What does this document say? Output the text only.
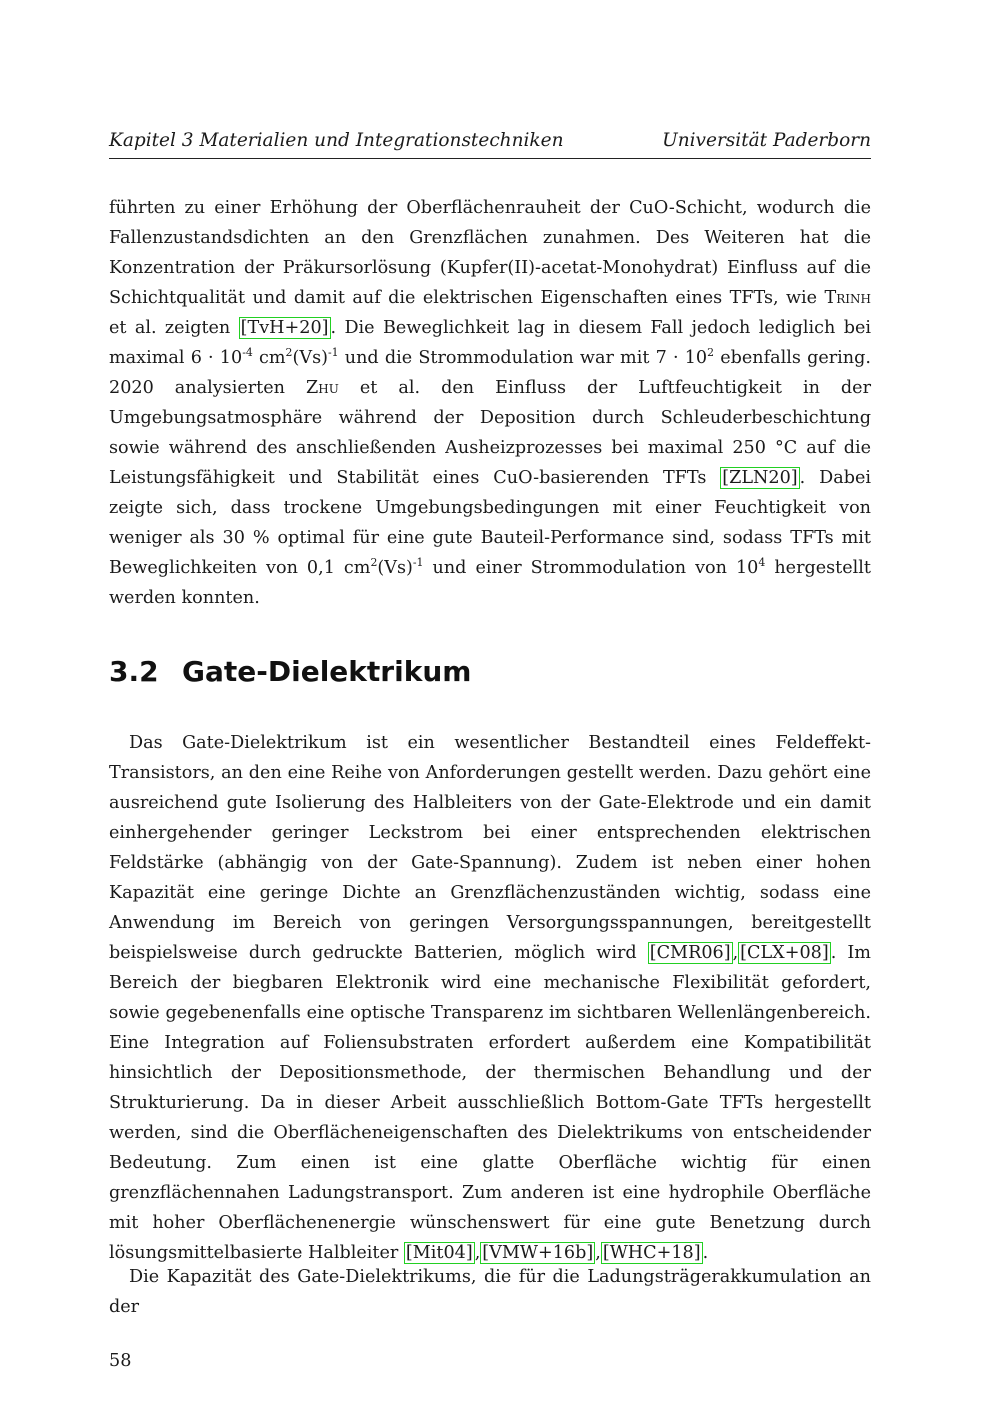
Kapitel 3 Materialien und Integrationstechniken	Universität Paderborn

führten zu einer Erhöhung der Oberflächenrauheit der CuO-Schicht, wodurch die Fallenzustandsdichten an den Grenzflächen zunahmen. Des Weiteren hat die Konzentration der Präkursorlösung (Kupfer(II)-acetat-Monohydrat) Einfluss auf die Schichtqualität und damit auf die elektrischen Eigenschaften eines TFTs, wie Trinh et al. zeigten [TvH+20] . Die Beweglichkeit lag in diesem Fall jedoch lediglich bei maximal $6 \cdot 10^{-4}$ $cm^2(Vs)^{-1}$ und die Strommodulation war mit $7 \cdot 10^2$ ebenfalls gering. 2020 analysierten Zhu et al. den Einfluss der Luftfeuchtigkeit in der Umgebungsatmosphäre während der Deposition durch Schleuderbeschichtung sowie während des anschließenden Ausheizprozesses bei maximal 250 °C auf die Leistungsfähigkeit und Stabilität eines CuO-basierenden TFTs [ZLN20] . Dabei zeigte sich, dass trockene Umgebungsbedingungen mit einer Feuchtigkeit von weniger als 30 % optimal für eine gute Bauteil-Performance sind, sodass TFTs mit Beweglichkeiten von 0,1 $cm^2(Vs)^{-1}$ und einer Strommodulation von $10^4$ hergestellt werden konnten.

3.2 Gate-Dielektrikum

Das Gate-Dielektrikum ist ein wesentlicher Bestandteil eines Feldeffekt-Transistors, an den eine Reihe von Anforderungen gestellt werden. Dazu gehört eine ausreichend gute Isolierung des Halbleiters von der Gate-Elektrode und ein damit einhergehender geringer Leckstrom bei einer entsprechenden elektrischen Feldstärke (abhängig von der Gate-Spannung). Zudem ist neben einer hohen Kapazität eine geringe Dichte an Grenzflächenzuständen wichtig, sodass eine Anwendung im Bereich von geringen Versorgungsspannungen, bereitgestellt beispielsweise durch gedruckte Batterien, möglich wird [CMR06] , [CLX+08] . Im Bereich der biegbaren Elektronik wird eine mechanische Flexibilität gefordert, sowie gegebenenfalls eine optische Transparenz im sichtbaren Wellenlängenbereich. Eine Integration auf Foliensubstraten erfordert außerdem eine Kompatibilität hinsichtlich der Depositionsmethode, der thermischen Behandlung und der Strukturierung. Da in dieser Arbeit ausschließlich Bottom-Gate TFTs hergestellt werden, sind die Oberflächeneigenschaften des Dielektrikums von entscheidender Bedeutung. Zum einen ist eine glatte Oberfläche wichtig für einen grenzflächennahen Ladungstransport. Zum anderen ist eine hydrophile Oberfläche mit hoher Oberflächenenergie wünschenswert für eine gute Benetzung durch lösungsmittelbasierte Halbleiter [Mit04] , [VMW+16b] , [WHC+18] .

Die Kapazität des Gate-Dielektrikums, die für die Ladungsträgerakkumulation an der

58
